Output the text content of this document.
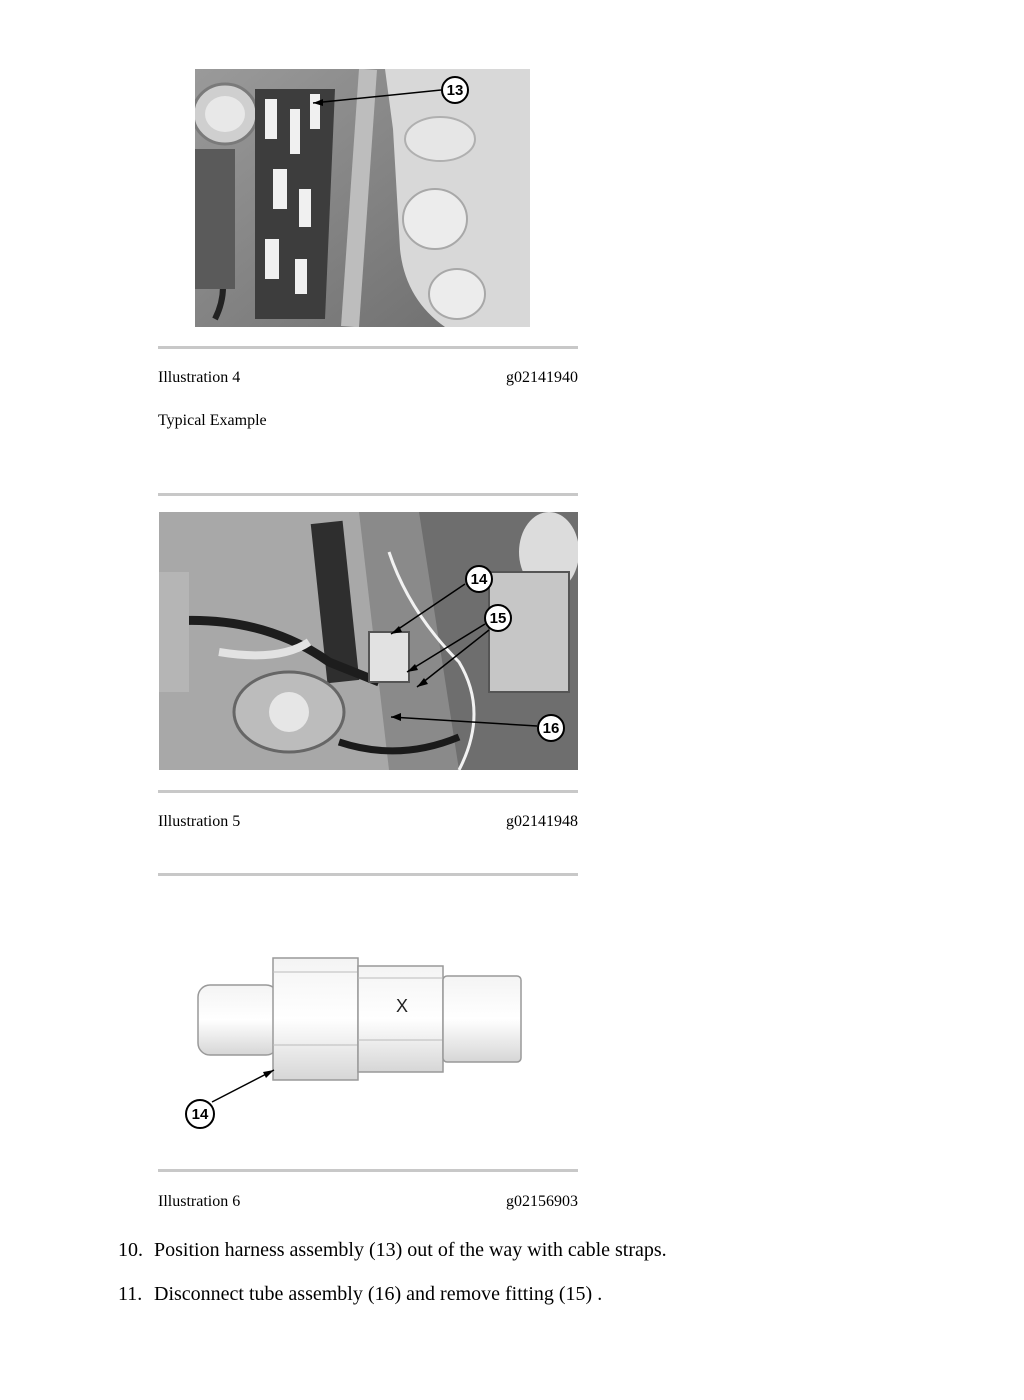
13
Illustration 4	g02141940
Typical Example
14
15
16
Illustration 5	g02141948
X
14
Illustration 6	g02156903
10. Position harness assembly (13) out of the way with cable straps.
11. Disconnect tube assembly (16) and remove fitting (15) .
